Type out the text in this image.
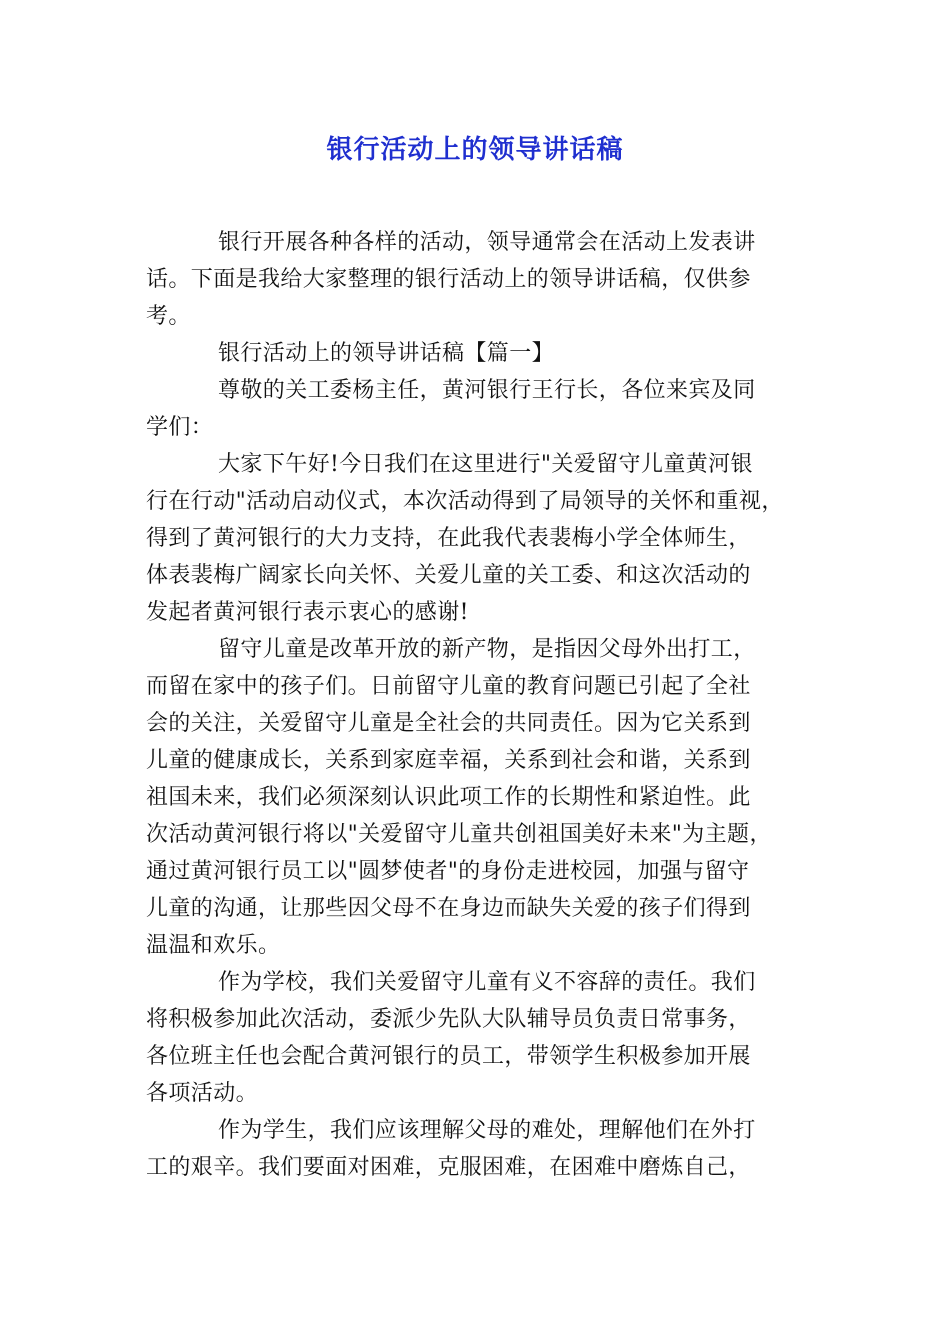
银行活动上的领导讲话稿
银行开展各种各样的活动，领导通常会在活动上发表讲
话。下面是我给大家整理的银行活动上的领导讲话稿，仅供参
考。
银行活动上的领导讲话稿【篇一】
尊敬的关工委杨主任，黄河银行王行长，各位来宾及同
学们：
大家下午好!今日我们在这里进行"关爱留守儿童黄河银
行在行动"活动启动仪式，本次活动得到了局领导的关怀和重视，
得到了黄河银行的大力支持，在此我代表裴梅小学全体师生，
体表裴梅广阔家长向关怀、关爱儿童的关工委、和这次活动的
发起者黄河银行表示衷心的感谢!
留守儿童是改革开放的新产物，是指因父母外出打工，
而留在家中的孩子们。日前留守儿童的教育问题已引起了全社
会的关注，关爱留守儿童是全社会的共同责任。因为它关系到
儿童的健康成长，关系到家庭幸福，关系到社会和谐，关系到
祖国未来，我们必须深刻认识此项工作的长期性和紧迫性。此
次活动黄河银行将以"关爱留守儿童共创祖国美好未来"为主题，
通过黄河银行员工以"圆梦使者"的身份走进校园，加强与留守
儿童的沟通，让那些因父母不在身边而缺失关爱的孩子们得到
温温和欢乐。
作为学校，我们关爱留守儿童有义不容辞的责任。我们
将积极参加此次活动，委派少先队大队辅导员负责日常事务，
各位班主任也会配合黄河银行的员工，带领学生积极参加开展
各项活动。
作为学生，我们应该理解父母的难处，理解他们在外打
工的艰辛。我们要面对困难，克服困难，在困难中磨炼自己，
